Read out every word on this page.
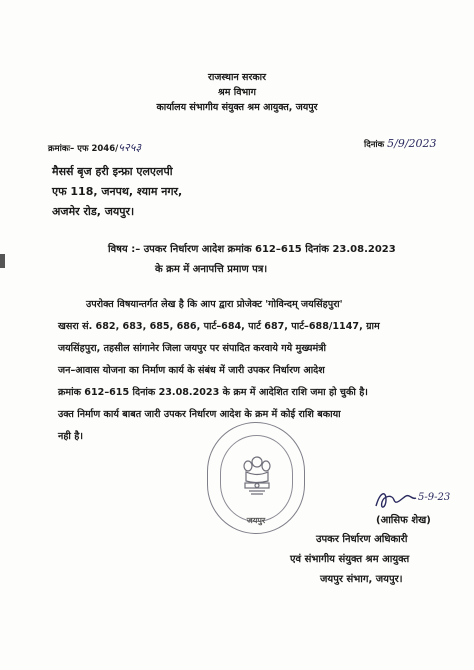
राजस्थान सरकार
श्रम विभाग
कार्यालय संभागीय संयुक्त श्रम आयुक्त, जयपुर
क्रमांकः– एफ 2046/५२५३	दिनांक 5/9/2023
मैसर्स बृज हरी इन्फ्रा एलएलपी
एफ 118, जनपथ, श्याम नगर,
अजमेर रोड, जयपुर।
विषय :– उपकर निर्धारण आदेश क्रमांक 612–615 दिनांक 23.08.2023
के क्रम में अनापत्ति प्रमाण पत्र।
उपरोक्त विषयान्तर्गत लेख है कि आप द्वारा प्रोजेक्ट 'गोविन्दम् जयसिंहपुरा'
खसरा सं. 682, 683, 685, 686, पार्ट–684, पार्ट 687, पार्ट–688/1147, ग्राम
जयसिंहपुरा, तहसील सांगानेर जिला जयपुर पर संपादित करवाये गये मुख्यमंत्री
जन–आवास योजना का निर्माण कार्य के संबंध में जारी उपकर निर्धारण आदेश
क्रमांक 612–615 दिनांक 23.08.2023 के क्रम में आदेशित राशि जमा हो चुकी है।
उक्त निर्माण कार्य बाबत जारी उपकर निर्धारण आदेश के क्रम में कोई राशि बकाया
नही है।
जयपुर
5-9-23
(आसिफ शेख)
उपकर निर्धारण अधिकारी
एवं संभागीय संयुक्त श्रम आयुक्त
जयपुर संभाग, जयपुर।
